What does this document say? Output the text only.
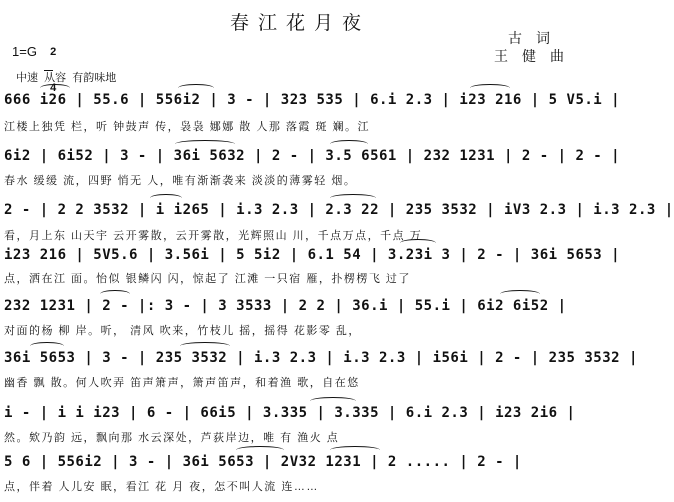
春江花月夜
古词
王健曲
1=G	2

4

中速  从容  有韵味地
666 i26 | 55.6 | 556i2 | 3 - | 323 535 | 6.i 2.3 | i23 216 | 5 V5.i |
江楼上独凭 栏，听 钟鼓声 传，袅袅 娜娜 散 人那 落霞 斑 斓。江
6i2 | 6i52 | 3 - | 36i 5632 | 2 - | 3.5 6561 | 232 1231 | 2 - | 2 - |
春水 缓缓 流，四野 悄无 人，唯有渐渐袭来 淡淡的薄雾轻 烟。
2 - | 2 2 3532 | i i265 | i.3 2.3 | 2.3 22 | 235 3532 | iV3 2.3 | i.3 2.3 |
看，月上东 山天宇 云开雾散，云开雾散，光辉照山 川，千点万点，千点 万
i23 216 | 5V5.6 | 3.56i | 5 5i2 | 6.1 54 | 3.23i 3 | 2 - | 36i 5653 |
点，洒在江 面。怡似 银鳞闪 闪，惊起了 江滩 一只宿 雁，扑楞楞飞 过了
232 1231 | 2 - |: 3 - | 3 3533 | 2 2 | 36.i | 55.i | 6i2 6i52 |
对面的杨 柳 岸。听， 清风 吹来，竹枝儿 摇，摇得 花影零 乱，
36i 5653 | 3 - | 235 3532 | i.3 2.3 | i.3 2.3 | i56i | 2 - | 235 3532 |
幽香 飘 散。何人吹弄 笛声箫声，箫声笛声，和着渔 歌，自在悠
i - | i i i23 | 6 - | 66i5 | 3.335 | 3.335 | 6.i 2.3 | i23 2i6 |
然。欸乃韵 远，飘向那 水云深处，芦荻岸边，唯 有 渔火 点
5 6 | 556i2 | 3 - | 36i 5653 | 2V32 1231 | 2 ..... | 2 - |
点，伴着 人儿安 眠，看江 花 月 夜，怎不叫人流 连……
